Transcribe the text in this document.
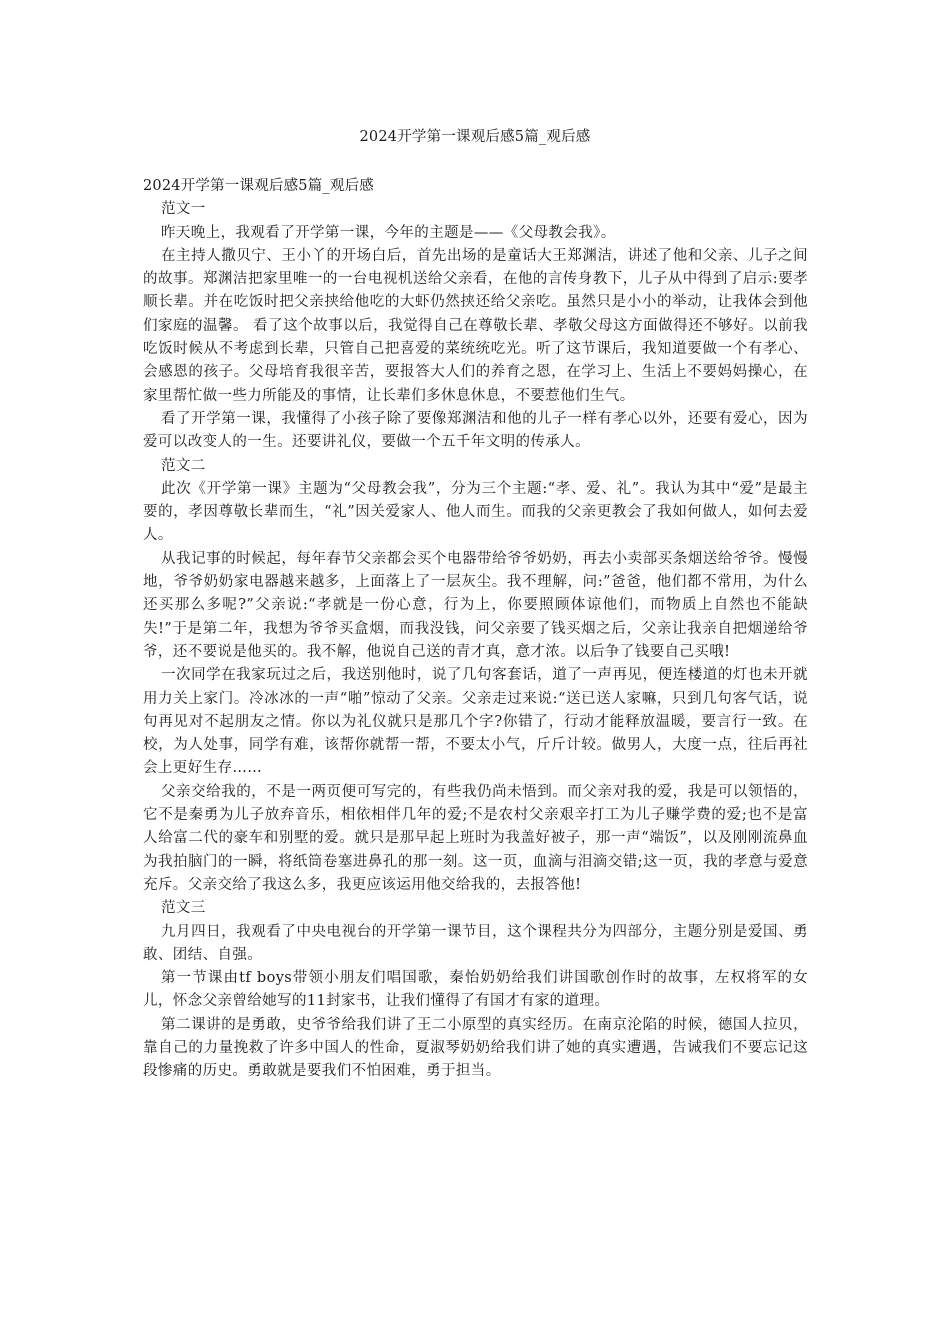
2024开学第一课观后感5篇_观后感

2024开学第一课观后感5篇_观后感

范文一

昨天晚上，我观看了开学第一课，今年的主题是——《父母教会我》。

在主持人撒贝宁、王小丫的开场白后，首先出场的是童话大王郑渊洁，讲述了他和父亲、儿子之间的故事。郑渊洁把家里唯一的一台电视机送给父亲看，在他的言传身教下，儿子从中得到了启示:要孝顺长辈。并在吃饭时把父亲挟给他吃的大虾仍然挟还给父亲吃。虽然只是小小的举动，让我体会到他们家庭的温馨。 看了这个故事以后，我觉得自己在尊敬长辈、孝敬父母这方面做得还不够好。以前我吃饭时候从不考虑到长辈，只管自己把喜爱的菜统统吃光。听了这节课后，我知道要做一个有孝心、会感恩的孩子。父母培育我很辛苦，要报答大人们的养育之恩，在学习上、生活上不要妈妈操心，在家里帮忙做一些力所能及的事情，让长辈们多休息休息，不要惹他们生气。

看了开学第一课，我懂得了小孩子除了要像郑渊洁和他的儿子一样有孝心以外，还要有爱心，因为爱可以改变人的一生。还要讲礼仪，要做一个五千年文明的传承人。

范文二

此次《开学第一课》主题为“父母教会我”，分为三个主题:“孝、爱、礼”。我认为其中“爱”是最主要的，孝因尊敬长辈而生，“礼”因关爱家人、他人而生。而我的父亲更教会了我如何做人，如何去爱人。

从我记事的时候起，每年春节父亲都会买个电器带给爷爷奶奶，再去小卖部买条烟送给爷爷。慢慢地，爷爷奶奶家电器越来越多，上面落上了一层灰尘。我不理解，问:”爸爸，他们都不常用，为什么还买那么多呢?”父亲说:“孝就是一份心意，行为上，你要照顾体谅他们，而物质上自然也不能缺失!”于是第二年，我想为爷爷买盒烟，而我没钱，问父亲要了钱买烟之后，父亲让我亲自把烟递给爷爷，还不要说是他买的。我不解，他说自己送的青才真，意才浓。以后争了钱要自己买哦!

一次同学在我家玩过之后，我送别他时，说了几句客套话，道了一声再见，便连楼道的灯也未开就用力关上家门。冷冰冰的一声“啪”惊动了父亲。父亲走过来说:“送已送人家嘛，只到几句客气话，说句再见对不起朋友之情。你以为礼仪就只是那几个字?你错了，行动才能释放温暖，要言行一致。在校，为人处事，同学有难，该帮你就帮一帮，不要太小气，斤斤计较。做男人，大度一点，往后再社会上更好生存……

父亲交给我的，不是一两页便可写完的，有些我仍尚未悟到。而父亲对我的爱，我是可以领悟的，它不是秦勇为儿子放弃音乐，相依相伴几年的爱;不是农村父亲艰辛打工为儿子赚学费的爱;也不是富人给富二代的豪车和别墅的爱。就只是那早起上班时为我盖好被子，那一声“端饭”，以及刚刚流鼻血为我拍脑门的一瞬，将纸筒卷塞进鼻孔的那一刻。这一页，血滴与泪滴交错;这一页，我的孝意与爱意充斥。父亲交给了我这么多，我更应该运用他交给我的，去报答他!

范文三

九月四日，我观看了中央电视台的开学第一课节目，这个课程共分为四部分，主题分别是爱国、勇敢、团结、自强。

第一节课由tf boys带领小朋友们唱国歌，秦怡奶奶给我们讲国歌创作时的故事，左权将军的女儿，怀念父亲曾给她写的11封家书，让我们懂得了有国才有家的道理。

第二课讲的是勇敢，史爷爷给我们讲了王二小原型的真实经历。在南京沦陷的时候，德国人拉贝，靠自己的力量挽救了许多中国人的性命，夏淑琴奶奶给我们讲了她的真实遭遇，告诫我们不要忘记这段惨痛的历史。勇敢就是要我们不怕困难，勇于担当。
